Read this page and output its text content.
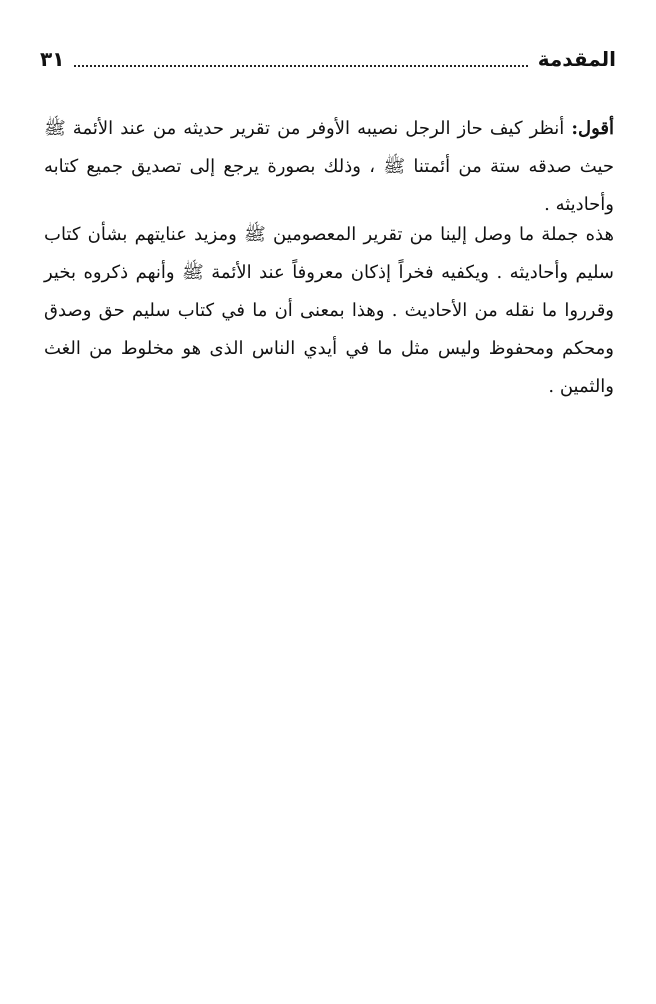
المقدمة
٣١

أقول: أنظر كيف حاز الرجل نصيبه الأوفر من تقرير حديثه من عند الأئمة ﷺ حيث صدقه ستة من أئمتنا ﷺ ، وذلك بصورة يرجع إلى تصديق جميع كتابه وأحاديثه .

هذه جملة ما وصل إلينا من تقرير المعصومين ﷺ ومزيد عنايتهم بشأن كتاب سليم وأحاديثه . ويكفيه فخراً إذكان معروفاً عند الأئمة ﷺ وأنهم ذكروه بخير وقرروا ما نقله من الأحاديث . وهذا بمعنى أن ما في كتاب سليم حق وصدق ومحكم ومحفوظ وليس مثل ما في أيدي الناس الذى هو مخلوط من الغث والثمين .
